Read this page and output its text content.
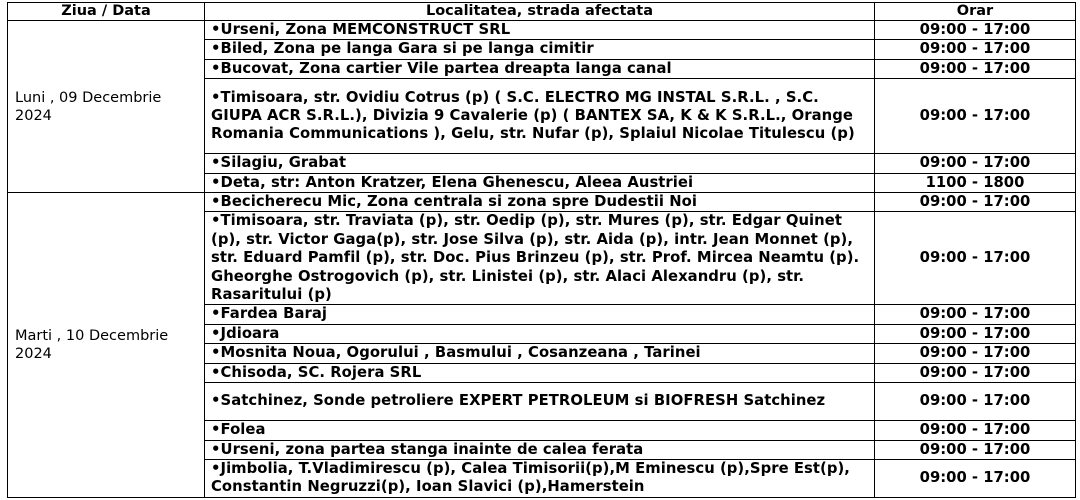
Ziua / Data	Localitatea, strada afectata	Orar
Luni , 09 Decembrie 2024	•Urseni, Zona MEMCONSTRUCT SRL	09:00 - 17:00
	•Biled, Zona pe langa Gara si pe langa cimitir	09:00 - 17:00
	•Bucovat, Zona cartier Vile partea dreapta langa canal	09:00 - 17:00
	•Timisoara, str. Ovidiu Cotrus (p) ( S.C. ELECTRO MG INSTAL S.R.L. , S.C. GIUPA ACR S.R.L.), Divizia 9 Cavalerie (p) ( BANTEX SA, K & K S.R.L., Orange Romania Communications ), Gelu, str. Nufar (p), Splaiul Nicolae Titulescu (p)	09:00 - 17:00
	•Silagiu, Grabat	09:00 - 17:00
	•Deta, str: Anton Kratzer, Elena Ghenescu, Aleea Austriei	1100 - 1800
Marti , 10 Decembrie 2024	•Becicherecu Mic, Zona centrala si zona spre Dudestii Noi	09:00 - 17:00
	•Timisoara, str. Traviata (p), str. Oedip (p), str. Mures (p), str. Edgar Quinet (p), str. Victor Gaga(p), str. Jose Silva (p), str. Aida (p), intr. Jean Monnet (p), str. Eduard Pamfil (p), str. Doc. Pius Brinzeu (p), str. Prof. Mircea Neamtu (p). Gheorghe Ostrogovich (p), str. Linistei (p), str. Alaci Alexandru (p), str. Rasaritului (p)	09:00 - 17:00
	•Fardea Baraj	09:00 - 17:00
	•Jdioara	09:00 - 17:00
	•Mosnita Noua, Ogorului , Basmului , Cosanzeana , Tarinei	09:00 - 17:00
	•Chisoda, SC. Rojera SRL	09:00 - 17:00
	•Satchinez, Sonde petroliere EXPERT PETROLEUM si BIOFRESH Satchinez	09:00 - 17:00
	•Folea	09:00 - 17:00
	•Urseni, zona partea stanga inainte de calea ferata	09:00 - 17:00
	•Jimbolia, T.Vladimirescu (p), Calea Timisorii(p),M Eminescu (p),Spre Est(p), Constantin Negruzzi(p), Ioan Slavici (p),Hamerstein	09:00 - 17:00
